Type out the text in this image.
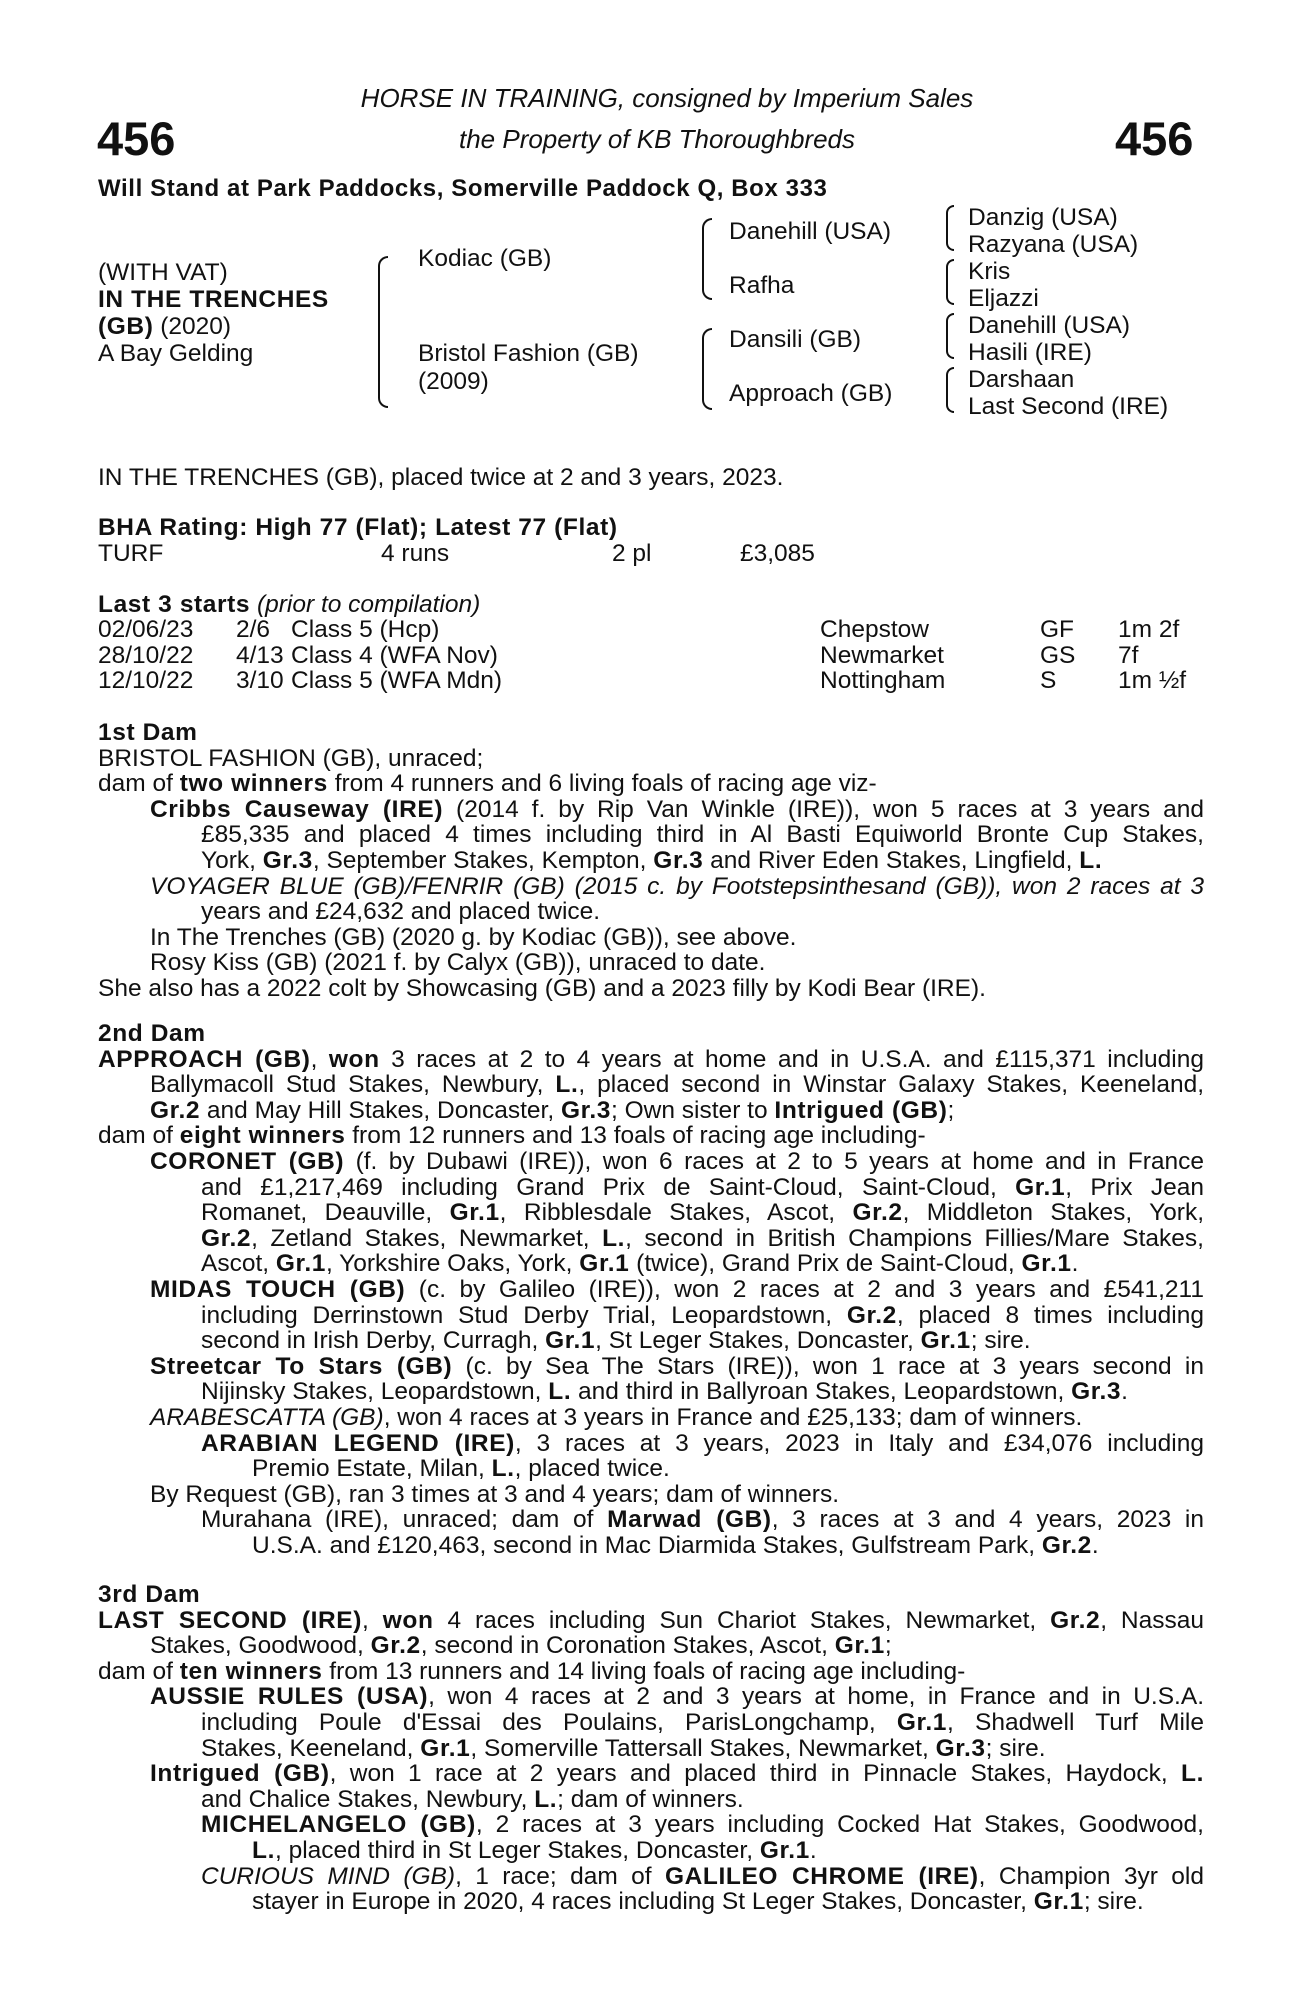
456	456
HORSE IN TRAINING, consigned by Imperium Sales
the Property of KB Thoroughbreds
Will Stand at Park Paddocks, Somerville Paddock Q, Box 333
(WITH VAT)
IN THE TRENCHES
(GB) (2020)
A Bay Gelding
Kodiac (GB)
Bristol Fashion (GB)
(2009)
Danehill (USA)
Rafha
Dansili (GB)
Approach (GB)
Danzig (USA)
Razyana (USA)
Kris
Eljazzi
Danehill (USA)
Hasili (IRE)
Darshaan
Last Second (IRE)
IN THE TRENCHES (GB), placed twice at 2 and 3 years, 2023.
BHA Rating: High 77 (Flat); Latest 77 (Flat)
TURF	4 runs	2 pl	£3,085
Last 3 starts (prior to compilation)
02/06/23 2/6 Class 5 (Hcp)	Chepstow	GF 1m 2f
28/10/22 4/13 Class 4 (WFA Nov)	Newmarket	GS 7f
12/10/22 3/10 Class 5 (WFA Mdn)	Nottingham	S	1m ½f
1st Dam
BRISTOL FASHION (GB), unraced;
dam of two winners from 4 runners and 6 living foals of racing age viz-
Cribbs Causeway (IRE) (2014 f. by Rip Van Winkle (IRE)), won 5 races at 3 years and
£85,335 and placed 4 times including third in Al Basti Equiworld Bronte Cup Stakes,
York, Gr.3, September Stakes, Kempton, Gr.3 and River Eden Stakes, Lingfield, L.
VOYAGER BLUE (GB)/FENRIR (GB) (2015 c. by Footstepsinthesand (GB)), won 2 races at 3
years and £24,632 and placed twice.
In The Trenches (GB) (2020 g. by Kodiac (GB)), see above.
Rosy Kiss (GB) (2021 f. by Calyx (GB)), unraced to date.
She also has a 2022 colt by Showcasing (GB) and a 2023 filly by Kodi Bear (IRE).
2nd Dam
APPROACH (GB), won 3 races at 2 to 4 years at home and in U.S.A. and £115,371 including
Ballymacoll Stud Stakes, Newbury, L., placed second in Winstar Galaxy Stakes, Keeneland,
Gr.2 and May Hill Stakes, Doncaster, Gr.3; Own sister to Intrigued (GB);
dam of eight winners from 12 runners and 13 foals of racing age including-
CORONET (GB) (f. by Dubawi (IRE)), won 6 races at 2 to 5 years at home and in France
and £1,217,469 including Grand Prix de Saint-Cloud, Saint-Cloud, Gr.1, Prix Jean
Romanet, Deauville, Gr.1, Ribblesdale Stakes, Ascot, Gr.2, Middleton Stakes, York,
Gr.2, Zetland Stakes, Newmarket, L., second in British Champions Fillies/Mare Stakes,
Ascot, Gr.1, Yorkshire Oaks, York, Gr.1 (twice), Grand Prix de Saint-Cloud, Gr.1.
MIDAS TOUCH (GB) (c. by Galileo (IRE)), won 2 races at 2 and 3 years and £541,211
including Derrinstown Stud Derby Trial, Leopardstown, Gr.2, placed 8 times including
second in Irish Derby, Curragh, Gr.1, St Leger Stakes, Doncaster, Gr.1; sire.
Streetcar To Stars (GB) (c. by Sea The Stars (IRE)), won 1 race at 3 years second in
Nijinsky Stakes, Leopardstown, L. and third in Ballyroan Stakes, Leopardstown, Gr.3.
ARABESCATTA (GB), won 4 races at 3 years in France and £25,133; dam of winners.
ARABIAN LEGEND (IRE), 3 races at 3 years, 2023 in Italy and £34,076 including
Premio Estate, Milan, L., placed twice.
By Request (GB), ran 3 times at 3 and 4 years; dam of winners.
Murahana (IRE), unraced; dam of Marwad (GB), 3 races at 3 and 4 years, 2023 in
U.S.A. and £120,463, second in Mac Diarmida Stakes, Gulfstream Park, Gr.2.
3rd Dam
LAST SECOND (IRE), won 4 races including Sun Chariot Stakes, Newmarket, Gr.2, Nassau
Stakes, Goodwood, Gr.2, second in Coronation Stakes, Ascot, Gr.1;
dam of ten winners from 13 runners and 14 living foals of racing age including-
AUSSIE RULES (USA), won 4 races at 2 and 3 years at home, in France and in U.S.A.
including Poule d'Essai des Poulains, ParisLongchamp, Gr.1, Shadwell Turf Mile
Stakes, Keeneland, Gr.1, Somerville Tattersall Stakes, Newmarket, Gr.3; sire.
Intrigued (GB), won 1 race at 2 years and placed third in Pinnacle Stakes, Haydock, L.
and Chalice Stakes, Newbury, L.; dam of winners.
MICHELANGELO (GB), 2 races at 3 years including Cocked Hat Stakes, Goodwood,
L., placed third in St Leger Stakes, Doncaster, Gr.1.
CURIOUS MIND (GB), 1 race; dam of GALILEO CHROME (IRE), Champion 3yr old
stayer in Europe in 2020, 4 races including St Leger Stakes, Doncaster, Gr.1; sire.
